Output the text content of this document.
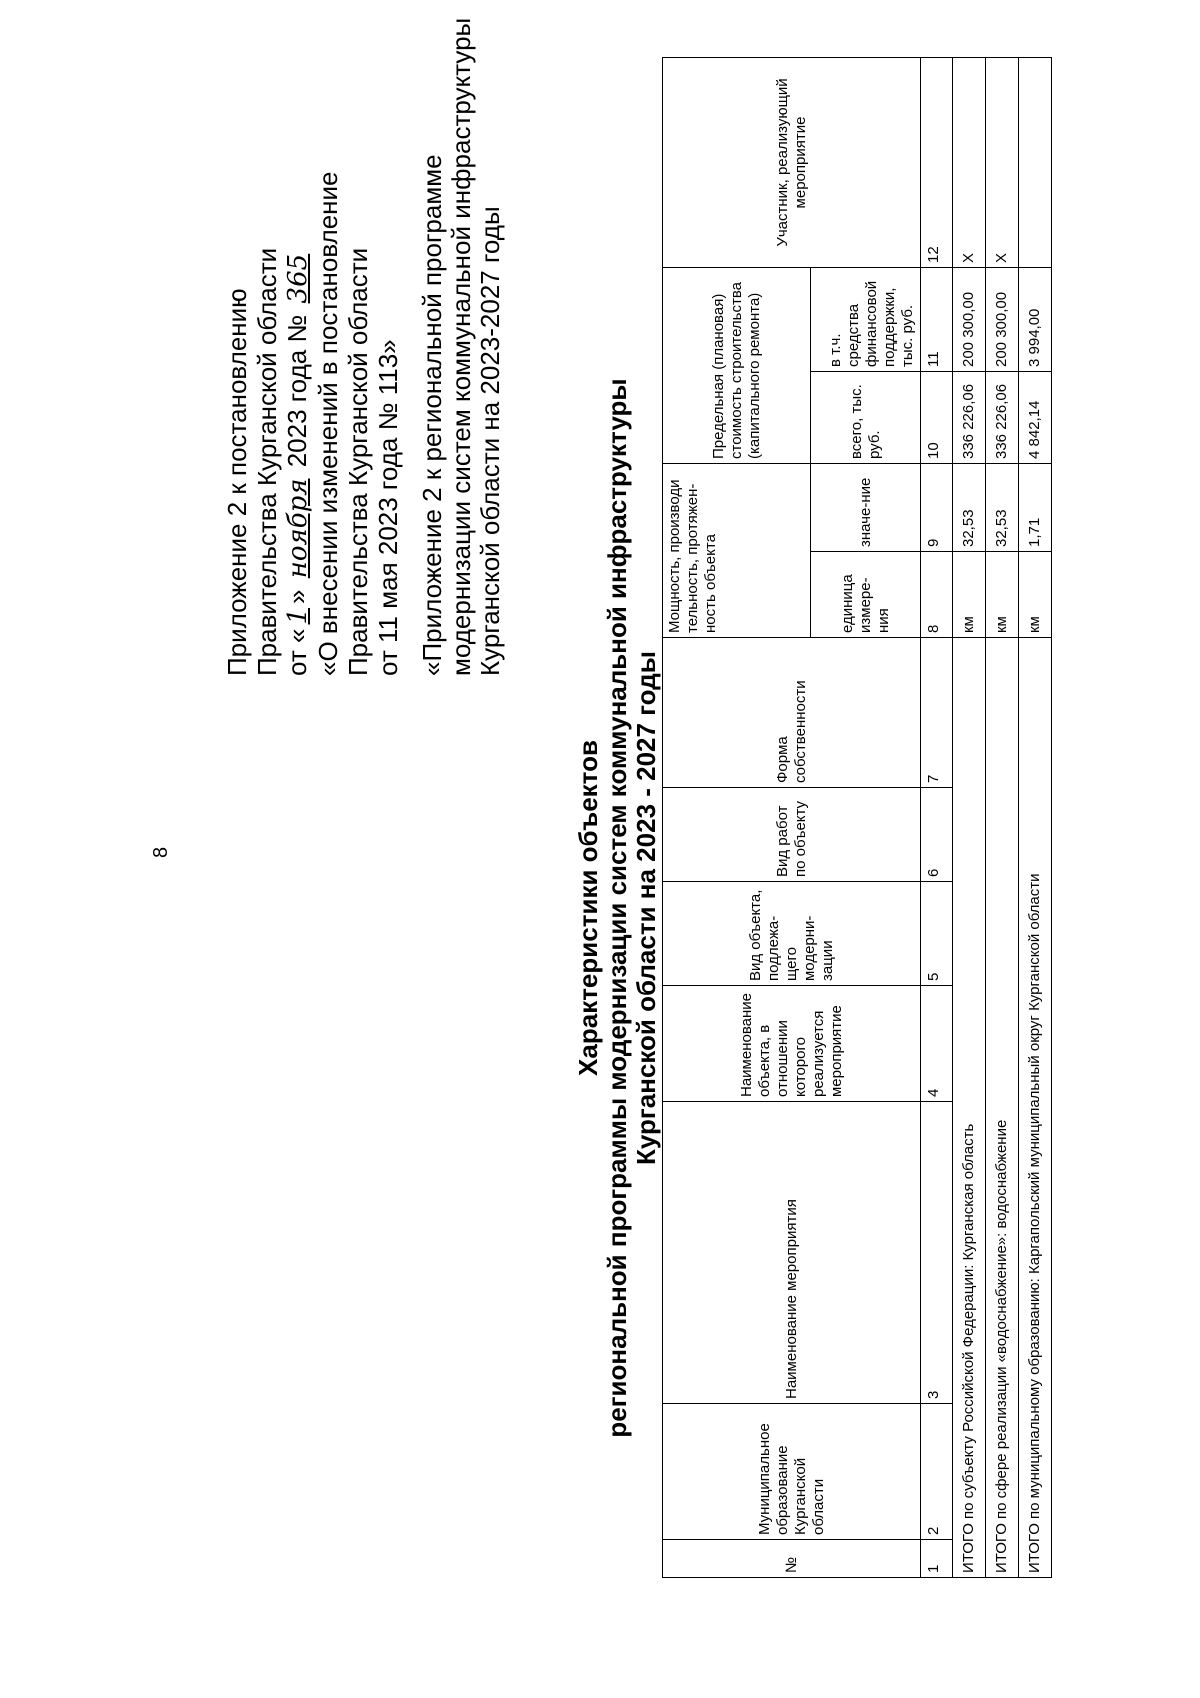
8
Приложение 2 к постановлению Правительства Курганской области от «1» ноября 2023 года № 365 «О внесении изменений в постановление Правительства Курганской области от 11 мая 2023 года № 113» «Приложение 2 к региональной программе модернизации систем коммунальной инфраструктуры Курганской области на 2023-2027 годы
Характеристики объектов региональной программы модернизации систем коммунальной инфраструктуры Курганской области на 2023 - 2027 годы
№	Муниципальное образование Курганской области	Наименование мероприятия	Наименование объекта, в отношении которого реализуется мероприятие	Вид объекта, подлежа-щего модерни-зации	Вид работ по объекту	Форма собственности	Мощность, производи тельность, протяжен-ность объекта		Предельная (плановая) стоимость строительства (капитального ремонта)		Участник, реализующий мероприятие
							единица измере-ния	значе-ние	всего, тыс. руб.	в т.ч. средства финансовой поддержки, тыс. руб.	
1	2	3	4	5	6	7	8	9	10	11	12
ИТОГО по субъекту Российской Федерации: Курганская область							км	32,53	336 226,06	200 300,00	X
ИТОГО по сфере реализации «водоснабжение»: водоснабжение							км	32,53	336 226,06	200 300,00	X
ИТОГО по муниципальному образованию: Каргапольский муниципальный округ Курганской области							км	1,71	4 842,14	3 994,00	
